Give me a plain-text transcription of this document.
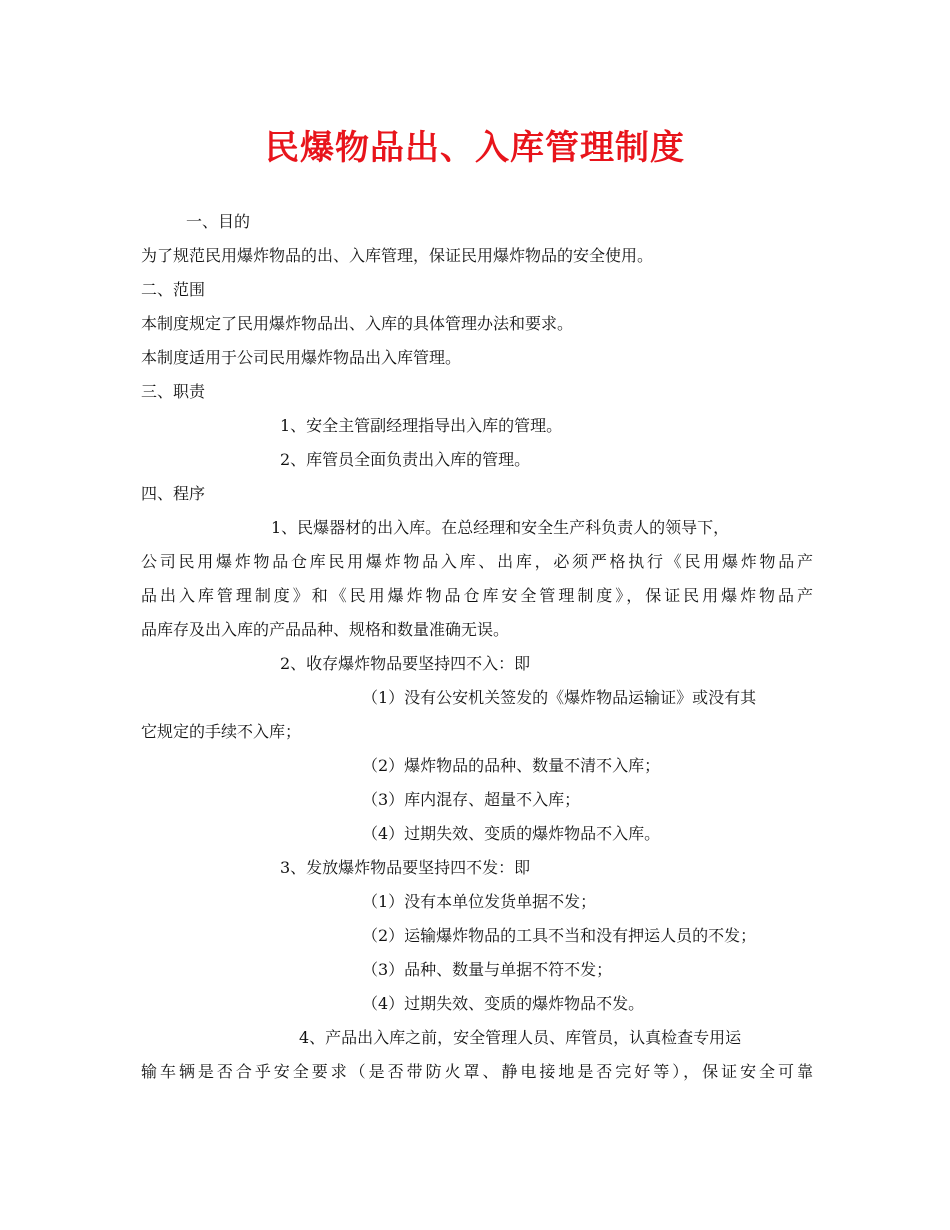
民爆物品出、入库管理制度
一、目的
为了规范民用爆炸物品的出、入库管理，保证民用爆炸物品的安全使用。
二、范围
本制度规定了民用爆炸物品出、入库的具体管理办法和要求。
本制度适用于公司民用爆炸物品出入库管理。
三、职责
1、安全主管副经理指导出入库的管理。
2、库管员全面负责出入库的管理。
四、程序
1、民爆器材的出入库。在总经理和安全生产科负责人的领导下，
公司民用爆炸物品仓库民用爆炸物品入库、出库，必须严格执行《民用爆炸物品产
品出入库管理制度》和《民用爆炸物品仓库安全管理制度》，保证民用爆炸物品产
品库存及出入库的产品品种、规格和数量准确无误。
2、收存爆炸物品要坚持四不入：即
（1）没有公安机关签发的《爆炸物品运输证》或没有其
它规定的手续不入库；
（2）爆炸物品的品种、数量不清不入库；
（3）库内混存、超量不入库；
（4）过期失效、变质的爆炸物品不入库。
3、发放爆炸物品要坚持四不发：即
（1）没有本单位发货单据不发；
（2）运输爆炸物品的工具不当和没有押运人员的不发；
（3）品种、数量与单据不符不发；
（4）过期失效、变质的爆炸物品不发。
4、产品出入库之前，安全管理人员、库管员，认真检查专用运
输车辆是否合乎安全要求（是否带防火罩、静电接地是否完好等），保证安全可靠
